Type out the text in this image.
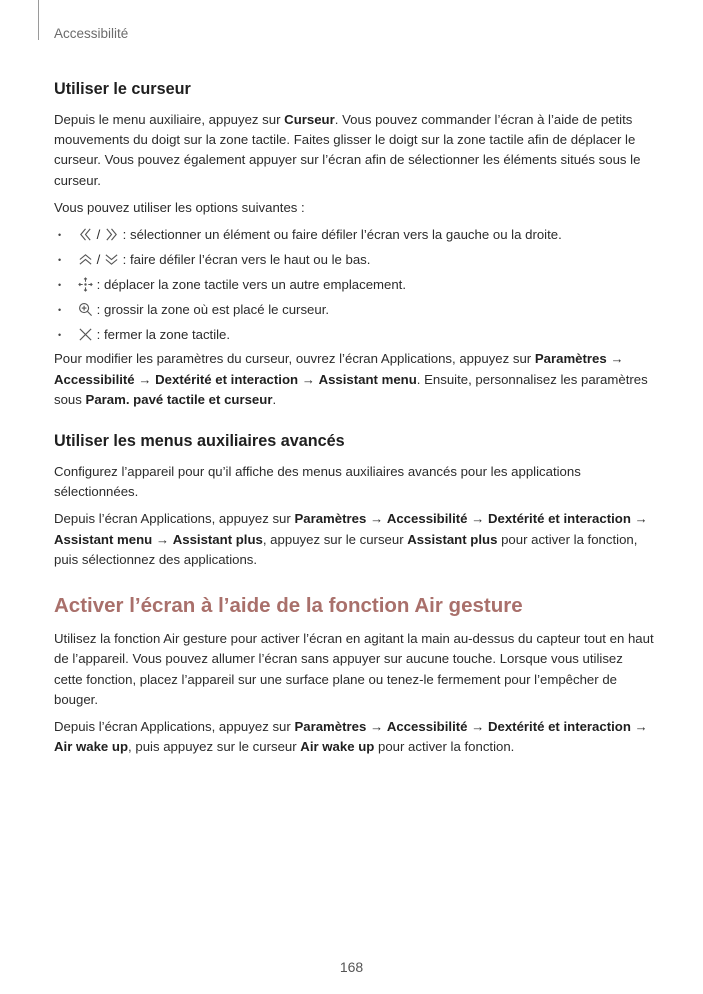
Accessibilité
Utiliser le curseur

Depuis le menu auxiliaire, appuyez sur Curseur. Vous pouvez commander l’écran à l’aide de petits mouvements du doigt sur la zone tactile. Faites glisser le doigt sur la zone tactile afin de déplacer le curseur. Vous pouvez également appuyer sur l’écran afin de sélectionner les éléments situés sous le curseur.

Vous pouvez utiliser les options suivantes :

• /
: sélectionner un élément ou faire défiler l’écran vers la gauche ou la droite.
• /
: faire défiler l’écran vers le haut ou le bas.
• : déplacer la zone tactile vers un autre emplacement.
• : grossir la zone où est placé le curseur.
• : fermer la zone tactile.

Pour modifier les paramètres du curseur, ouvrez l’écran Applications, appuyez sur Paramètres → Accessibilité → Dextérité et interaction → Assistant menu. Ensuite, personnalisez les paramètres sous Param. pavé tactile et curseur.

Utiliser les menus auxiliaires avancés

Configurez l’appareil pour qu’il affiche des menus auxiliaires avancés pour les applications sélectionnées.

Depuis l’écran Applications, appuyez sur Paramètres → Accessibilité → Dextérité et interaction → Assistant menu → Assistant plus, appuyez sur le curseur Assistant plus pour activer la fonction, puis sélectionnez des applications.

Activer l’écran à l’aide de la fonction Air gesture

Utilisez la fonction Air gesture pour activer l’écran en agitant la main au-dessus du capteur tout en haut de l’appareil. Vous pouvez allumer l’écran sans appuyer sur aucune touche. Lorsque vous utilisez cette fonction, placez l’appareil sur une surface plane ou tenez-le fermement pour l’empêcher de bouger.

Depuis l’écran Applications, appuyez sur Paramètres → Accessibilité → Dextérité et interaction → Air wake up, puis appuyez sur le curseur Air wake up pour activer la fonction.

168
